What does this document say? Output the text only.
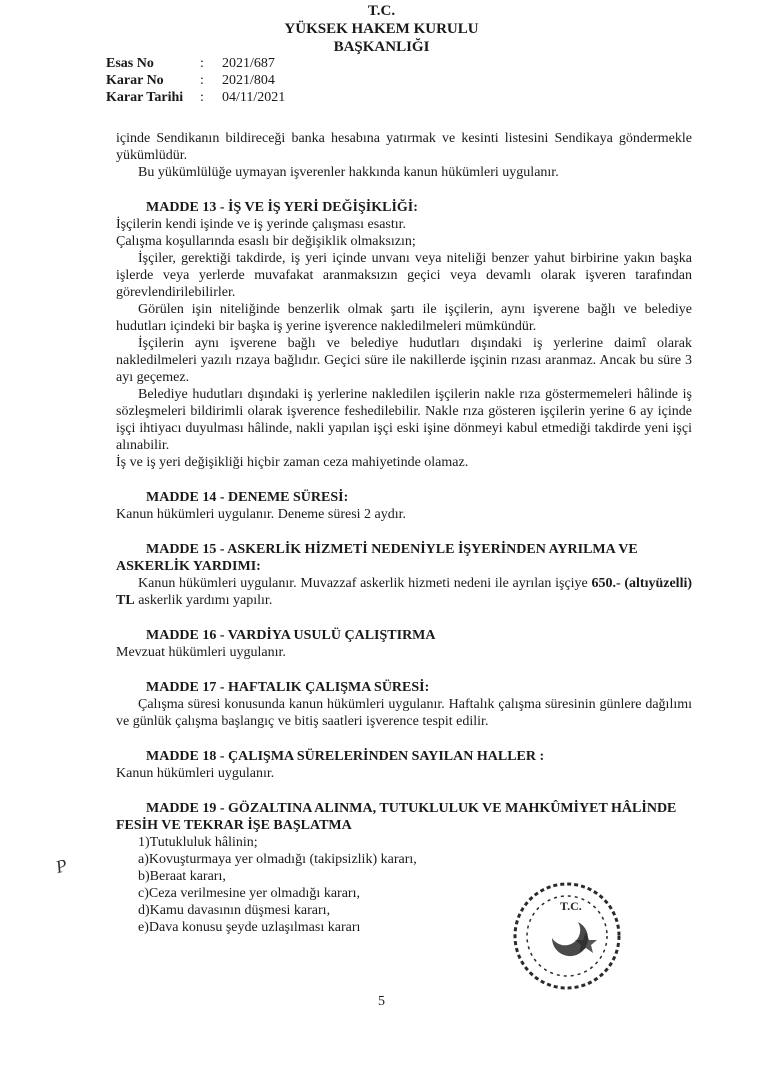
T.C.
YÜKSEK HAKEM KURULU
BAŞKANLIĞI
Esas No	:	2021/687
Karar No	:	2021/804
Karar Tarihi	:	04/11/2021

içinde Sendikanın bildireceği banka hesabına yatırmak ve kesinti listesini Sendikaya göndermekle yükümlüdür.

Bu yükümlülüğe uymayan işverenler hakkında kanun hükümleri uygulanır.

MADDE 13 - İŞ VE İŞ YERİ DEĞİŞİKLİĞİ:

İşçilerin kendi işinde ve iş yerinde çalışması esastır.

Çalışma koşullarında esaslı bir değişiklik olmaksızın;

İşçiler, gerektiği takdirde, iş yeri içinde unvanı veya niteliği benzer yahut birbirine yakın başka işlerde veya yerlerde muvafakat aranmaksızın geçici veya devamlı olarak işveren tarafından görevlendirilebilirler.

Görülen işin niteliğinde benzerlik olmak şartı ile işçilerin, aynı işverene bağlı ve belediye hudutları içindeki bir başka iş yerine işverence nakledilmeleri mümkündür.

İşçilerin aynı işverene bağlı ve belediye hudutları dışındaki iş yerlerine daimî olarak nakledilmeleri yazılı rızaya bağlıdır. Geçici süre ile nakillerde işçinin rızası aranmaz. Ancak bu süre 3 ayı geçemez.

Belediye hudutları dışındaki iş yerlerine nakledilen işçilerin nakle rıza göstermemeleri hâlinde iş sözleşmeleri bildirimli olarak işverence feshedilebilir. Nakle rıza gösteren işçilerin yerine 6 ay içinde işçi ihtiyacı duyulması hâlinde, nakli yapılan işçi eski işine dönmeyi kabul etmediği takdirde yeni işçi alınabilir.

İş ve iş yeri değişikliği hiçbir zaman ceza mahiyetinde olamaz.

MADDE 14 - DENEME SÜRESİ:

Kanun hükümleri uygulanır. Deneme süresi 2 aydır.

MADDE 15 - ASKERLİK HİZMETİ NEDENİYLE İŞYERİNDEN AYRILMA VE ASKERLİK YARDIMI:

Kanun hükümleri uygulanır. Muvazzaf askerlik hizmeti nedeni ile ayrılan işçiye 650.- (altıyüzelli) TL askerlik yardımı yapılır.

MADDE 16 - VARDİYA USULÜ ÇALIŞTIRMA

Mevzuat hükümleri uygulanır.

MADDE 17 - HAFTALIK ÇALIŞMA SÜRESİ:

Çalışma süresi konusunda kanun hükümleri uygulanır. Haftalık çalışma süresinin günlere dağılımı ve günlük çalışma başlangıç ve bitiş saatleri işverence tespit edilir.

MADDE 18 - ÇALIŞMA SÜRELERİNDEN SAYILAN HALLER :

Kanun hükümleri uygulanır.

MADDE 19 - GÖZALTINA ALINMA, TUTUKLULUK VE MAHKÛMİYET HÂLİNDE FESİH VE TEKRAR İŞE BAŞLATMA

1)Tutukluluk hâlinin;

a)Kovuşturmaya yer olmadığı (takipsizlik) kararı,

b)Beraat kararı,

c)Ceza verilmesine yer olmadığı kararı,

d)Kamu davasının düşmesi kararı,

e)Dava konusu şeyde uzlaşılması kararı

P
T.C.
5
